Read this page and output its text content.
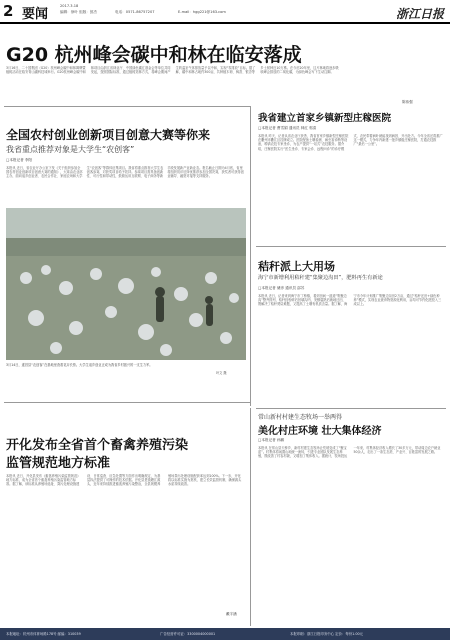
2 要闻
2017.3.18
编辑：徐叶 组版：郎杰	电话：0571-86757207	E-mail：hgg221@163.com	浙江日报
G20 杭州峰会碳中和林在临安落成
3月16日，二十国集团（G20）杭州峰会碳中和林揭牌暨植树活动在临安青山湖科技城举行。G20杭州峰会碳中和林项目由浙江省林业厅、中国绿色碳汇基金会等单位共同发起，按照国际标准，通过植树造林方式，将峰会期间产生的温室气体排放量予以中和，实现“零排放”目标。据了解，碳中和林占地约300亩，共种植木荷、枫香、银杏等乡土树种近10万株。在今后20年里，这片林地将逐步吸收峰会排放的二氧化碳，为绿色峰会写下生动注脚。
陈伟强
全国农村创业创新项目创意大赛等你来
我省重点推荐对象是大学生“农创客”
□本报记者 李阳
本报讯 近日，省农业厅办公室下发《关于组织参加全国农村创业创新项目创意大赛的通知》，大赛由农业部主办，面向返乡创业者、农民合作社、家庭农场和大学生“农创客”等群体征集项目。我省将重点推荐大学生农创客参赛，对获奖项目给予扶持。参赛项目需具备创新性、可行性和带动性，鼓励运用互联网、电子商务等新手段发展新产业新业态。报名截止日期为4月底，省里将组织初评后择优推荐参加全国决赛，获奖者可获得创业辅导、融资对接等支持服务。
3月14日，遂昌县“农创客”在基地里查看花卉长势。大学生返乡创业正成为我省乡村振兴的一支生力军。
叶文 摄
我省建立首家乡镇新型庄稼医院
□本报记者 曹雪娟 通讯员 林红 郭清
本报讯 昨天，记者从省农业厅获悉，我省首家乡镇新型庄稼医院在衢州市衢江区挂牌成立。医院配备土壤检测、病虫害诊断等设备，聘请农技专家坐诊，为农户提供“一站式”农技服务。据介绍，庄稼医院实行“医生坐诊、专家会诊、远程问诊”的诊疗模式，农民带着病叶就能找到病因、开出处方。今年全省还将推广这一模式，力争年内新建一批乡镇级庄稼医院，打通农技推广“最后一公里”。
秸秆派上大用场
海宁市新增利用秸秆建“集聚边沟田”，肥料再生有新途
□本报记者 储彦 通讯员 邵苏
本报讯 近日，记者来到海宁市丁桥镇，看到田间一道道“集聚边沟”整齐排列，秸秆经粉碎后回填沟内，发酵腐熟后就地还田，既解决了秸秆焚烧难题，又提高了土壤有机质含量。据了解，海宁市今年计划推广集聚边沟田2万亩，通过“秸秆还田+绿色种养”模式，实现农业废弃物资源化利用，亩均可节约化肥投入三成以上。
常山新村村建生态牧场一举两得
美化村庄环境 壮大集体经济
□本报记者 孙鹏
本报讯 在常山县天桥乡，新村村建生态牧场让荒坡变成了“聚宝盆”。村集体将闲置山地统一流转，引进专业团队发展生态养殖，既改善了村容村貌，又增加了集体收入。据统计，牧场投运一年来，村集体经济收入增长了30多万元，带动周边农户就业50余人，走出了一条生态美、产业兴、百姓富的发展之路。
开化发布全省首个畜禽养殖污染
监管规范地方标准
本报讯 近日，开化县发布《畜禽养殖污染监管规范》地方标准，成为全省首个畜禽养殖污染监管地方标准。据了解，该标准从养殖场选址、粪污处理设施建设、日常巡查、应急处置等方面作出明确规定，为基层执法提供了可操作的技术依据。开化县是钱塘江源头，近年来持续推进畜禽养殖污染整治，全县规模养殖场粪污处理设施配套率达到100%。下一步，开化将以标准实施为契机，建立长效监管机制，确保源头水质持续改善。
戴宇涵
本报地址：杭州市体育场路178号 邮编：310039	广告经营许可证：3300004000001	本报印刷：浙江日报印务中心 定价：每份1.00元
